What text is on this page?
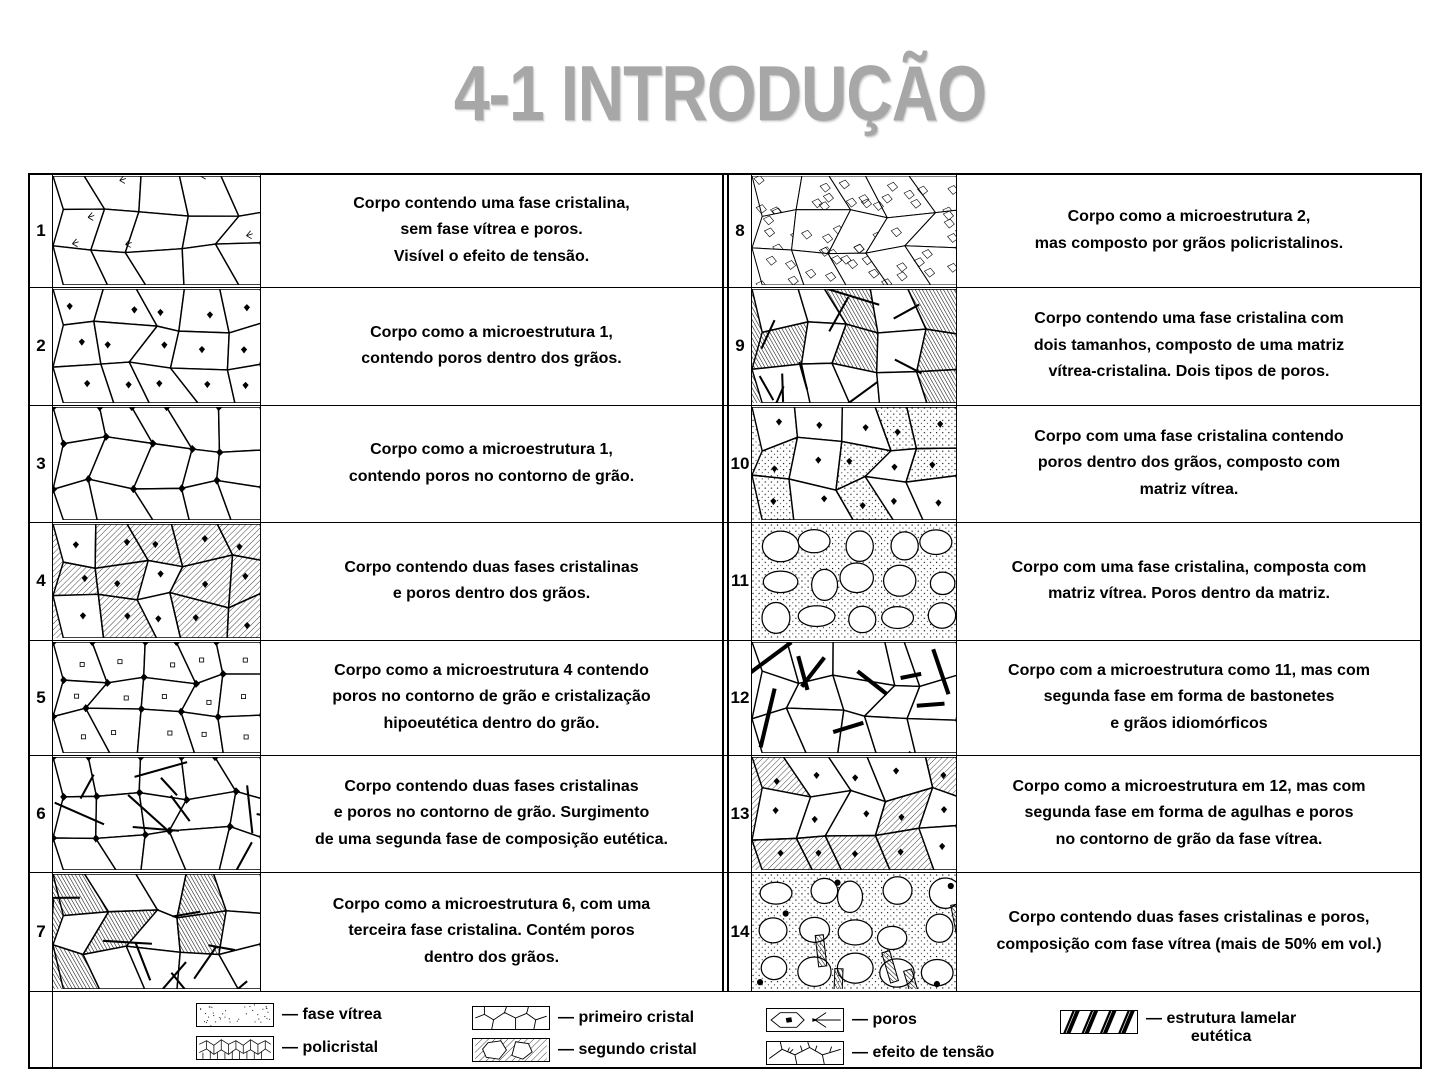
4-1 INTRODUÇÃO
1
Corpo contendo uma fase cristalina,
sem fase vítrea e poros.
Visível o efeito de tensão.
2
Corpo como a microestrutura 1,
contendo poros dentro dos grãos.
3
Corpo como a microestrutura 1,
contendo poros no contorno de grão.
4
Corpo contendo duas fases cristalinas
e poros dentro dos grãos.
5
Corpo como a microestrutura 4 contendo
poros no contorno de grão e cristalização
hipoeutética dentro do grão.
6
Corpo contendo duas fases cristalinas
e poros no contorno de grão. Surgimento
de uma segunda fase de composição eutética.
7
Corpo como a microestrutura 6, com uma
terceira fase cristalina. Contém poros
dentro dos grãos.
8
Corpo como a microestrutura 2,
mas composto por grãos policristalinos.
9
Corpo contendo uma fase cristalina com
dois tamanhos, composto de uma matriz
vítrea-cristalina. Dois tipos de poros.
10
Corpo com uma fase cristalina contendo
poros dentro dos grãos, composto com
matriz vítrea.
11
Corpo com uma fase cristalina, composta com
matriz vítrea. Poros dentro da matriz.
12
Corpo com a microestrutura como 11, mas com
segunda fase em forma de bastonetes
e grãos idiomórficos
13
Corpo como a microestrutura em 12, mas com
segunda fase em forma de agulhas e poros
no contorno de grão da fase vítrea.
14
Corpo contendo duas fases cristalinas e poros,
composição com fase vítrea (mais de 50% em vol.)
— fase vítrea
— policristal
— primeiro cristal
— segundo cristal
— poros
— efeito de tensão
— estrutura lamelar
eutética
